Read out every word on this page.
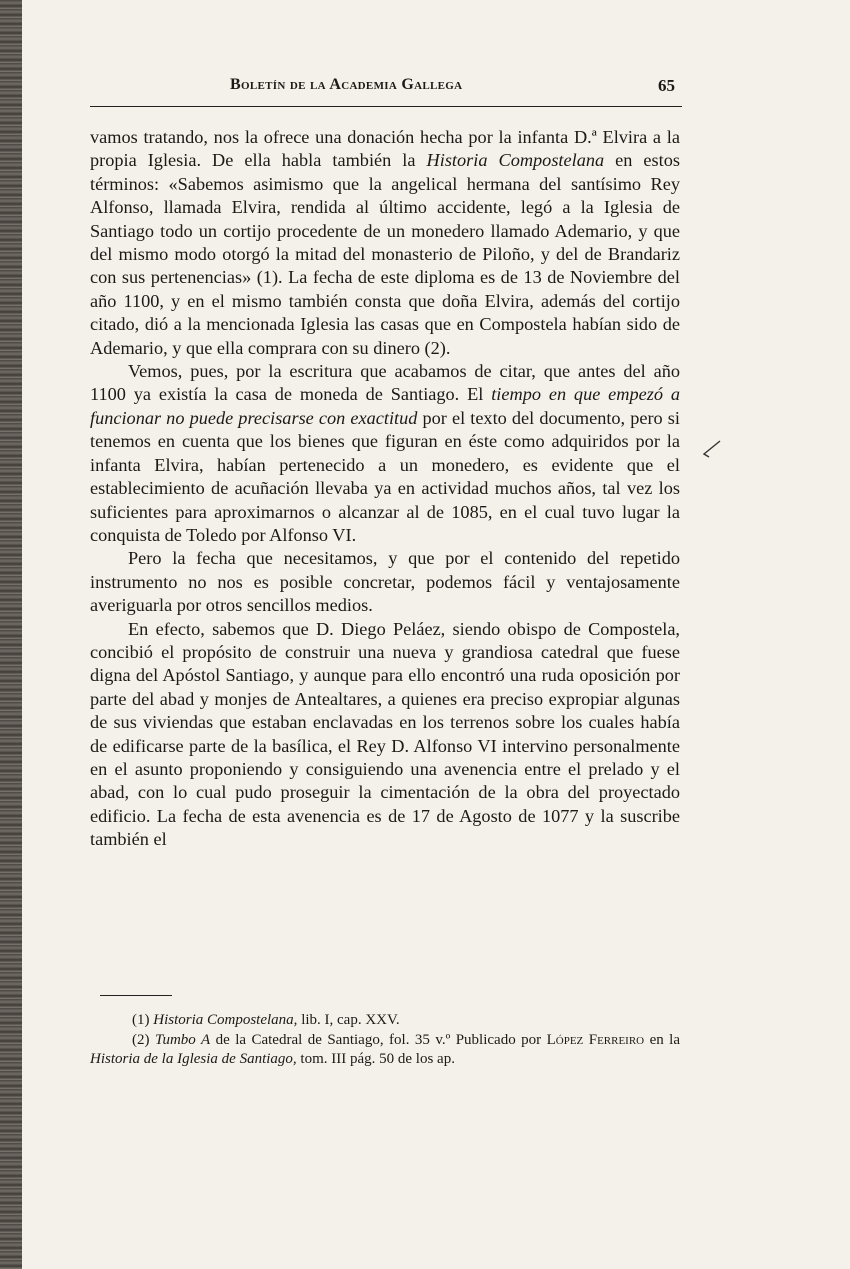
Boletín de la Academia Gallega	65

vamos tratando, nos la ofrece una donación hecha por la infanta D.ª Elvira a la propia Iglesia. De ella habla también la Historia Compostelana en estos términos: «Sabemos asimismo que la angelical hermana del santísimo Rey Alfonso, llamada Elvira, rendida al último accidente, legó a la Iglesia de Santiago todo un cortijo procedente de un monedero llamado Ademario, y que del mismo modo otorgó la mitad del monasterio de Piloño, y del de Brandariz con sus pertenencias» (1). La fecha de este diploma es de 13 de Noviembre del año 1100, y en el mismo también consta que doña Elvira, además del cortijo citado, dió a la mencionada Iglesia las casas que en Compostela habían sido de Ademario, y que ella comprara con su dinero (2).

Vemos, pues, por la escritura que acabamos de citar, que antes del año 1100 ya existía la casa de moneda de Santiago. El tiempo en que empezó a funcionar no puede precisarse con exactitud por el texto del documento, pero si tenemos en cuenta que los bienes que figuran en éste como adquiridos por la infanta Elvira, habían pertenecido a un monedero, es evidente que el establecimiento de acuñación llevaba ya en actividad muchos años, tal vez los suficientes para aproximarnos o alcanzar al de 1085, en el cual tuvo lugar la conquista de Toledo por Alfonso VI.

Pero la fecha que necesitamos, y que por el contenido del repetido instrumento no nos es posible concretar, podemos fácil y ventajosamente averiguarla por otros sencillos medios.

En efecto, sabemos que D. Diego Peláez, siendo obispo de Compostela, concibió el propósito de construir una nueva y grandiosa catedral que fuese digna del Apóstol Santiago, y aunque para ello encontró una ruda oposición por parte del abad y monjes de Antealtares, a quienes era preciso expropiar algunas de sus viviendas que estaban enclavadas en los terrenos sobre los cuales había de edificarse parte de la basílica, el Rey D. Alfonso VI intervino personalmente en el asunto proponiendo y consiguiendo una avenencia entre el prelado y el abad, con lo cual pudo proseguir la cimentación de la obra del proyectado edificio. La fecha de esta avenencia es de 17 de Agosto de 1077 y la suscribe también el

(1) Historia Compostelana, lib. I, cap. XXV.

(2) Tumbo A de la Catedral de Santiago, fol. 35 v.º Publicado por López Ferreiro en la Historia de la Iglesia de Santiago, tom. III pág. 50 de los ap.
